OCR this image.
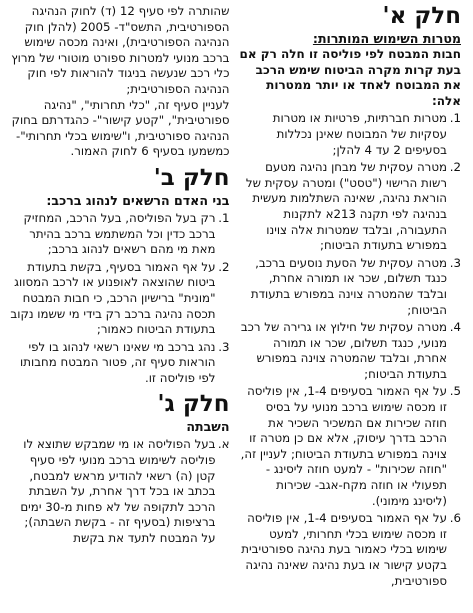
חלק א'
מטרות השימוש המותרות:

חבות המבטח לפי פוליסה זו חלה רק אם בעת קרות מקרה הביטוח שימש הרכב את המבוטח לאחד או יותר ממטרות אלה:

1.
מטרות חברתיות, פרטיות או מטרות עסקיות של המבוטח שאינן נכללות בסעיפים 2 עד 4 להלן;
2.
מטרה עסקית של מבחן נהיגה מטעם רשות הרישוי ("טסט") ומטרה עסקית של הוראת נהיגה, שאינה השתלמות מעשית בנהיגה לפי תקנה 213א לתקנות התעבורה, ובלבד שמטרות אלה צוינו במפורש בתעודת הביטוח;
3.
מטרה עסקית של הסעת נוסעים ברכב, כנגד תשלום, שכר או תמורה אחרת, ובלבד שהמטרה צוינה במפורש בתעודת הביטוח;
4.
מטרה עסקית של חילוץ או גרירה של רכב מנועי, כנגד תשלום, שכר או תמורה אחרת, ובלבד שהמטרה צוינה במפורש בתעודת הביטוח;
5.
על אף האמור בסעיפים 1-4, אין פוליסה זו מכסה שימוש ברכב מנועי על בסיס חוזה שכירות אם המשכיר השכיר את הרכב בדרך עיסוק, אלא אם כן מטרה זו צוינה במפורש בתעודת הביטוח; לעניין זה, "חוזה שכירות" - למעט חוזה ליסינג - תפעולי או חוזה מקח-אגב- שכירות (ליסינג מימוני).
6.
על אף האמור בסעיפים 1-4, אין פוליסה זו מכסה שימוש בכלי תחרותי, למעט שימוש בכלי כאמור בעת נהיגה ספורטיבית בקטע קישור או בעת נהיגה שאינה נהיגה ספורטיבית,

שהותרה לפי סעיף 12 (ד) לחוק הנהיגה הספורטיבית, התשס"ד- 2005 (להלן חוק הנהיגה הספורטיבית), ואינה מכסה שימוש ברכב מנועי למטרות ספורט מוטורי של מרוץ כלי רכב שנעשה בניגוד להוראות לפי חוק הנהיגה הספורטיבית;

לעניין סעיף זה, "כלי תחרותי", "נהיגה ספורטיבית", "קטע קישור"- כהגדרתם בחוק הנהיגה ספורטיבית, ו"שימוש בכלי תחרותי"- כמשמעו בסעיף 6 לחוק האמור.

חלק ב'
בני האדם הרשאים לנהוג ברכב:
1.
רק בעל הפוליסה, בעל הרכב, המחזיק ברכב כדין וכל המשתמש ברכב בהיתר מאת מי מהם רשאים לנהוג ברכב;
2.
על אף האמור בסעיף, בקשת בתעודת ביטוח שהוצאה לאופנוע או לרכב המסווג "מונית" ברישיון הרכב, כי חבות המבטח תכסה נהיגה ברכב רק בידי מי ששמו נקוב בתעודת הביטוח כאמור;
3.
נהג ברכב מי שאינו רשאי לנהוג בו לפי הוראות סעיף זה, פטור המבטח מחבותו לפי פוליסה זו.
חלק ג'
השבתה
א.
בעל הפוליסה או מי שמבקש שתוצא לו פוליסה לשימוש ברכב מנועי לפי סעיף קטן (ה) רשאי להודיע מראש למבטח, בכתב או בכל דרך אחרת, על השבתת הרכב לתקופה של לא פחות מ-30 ימים ברציפות (בסעיף זה - בקשת השבתה); על המבטח לתעד את בקשת
